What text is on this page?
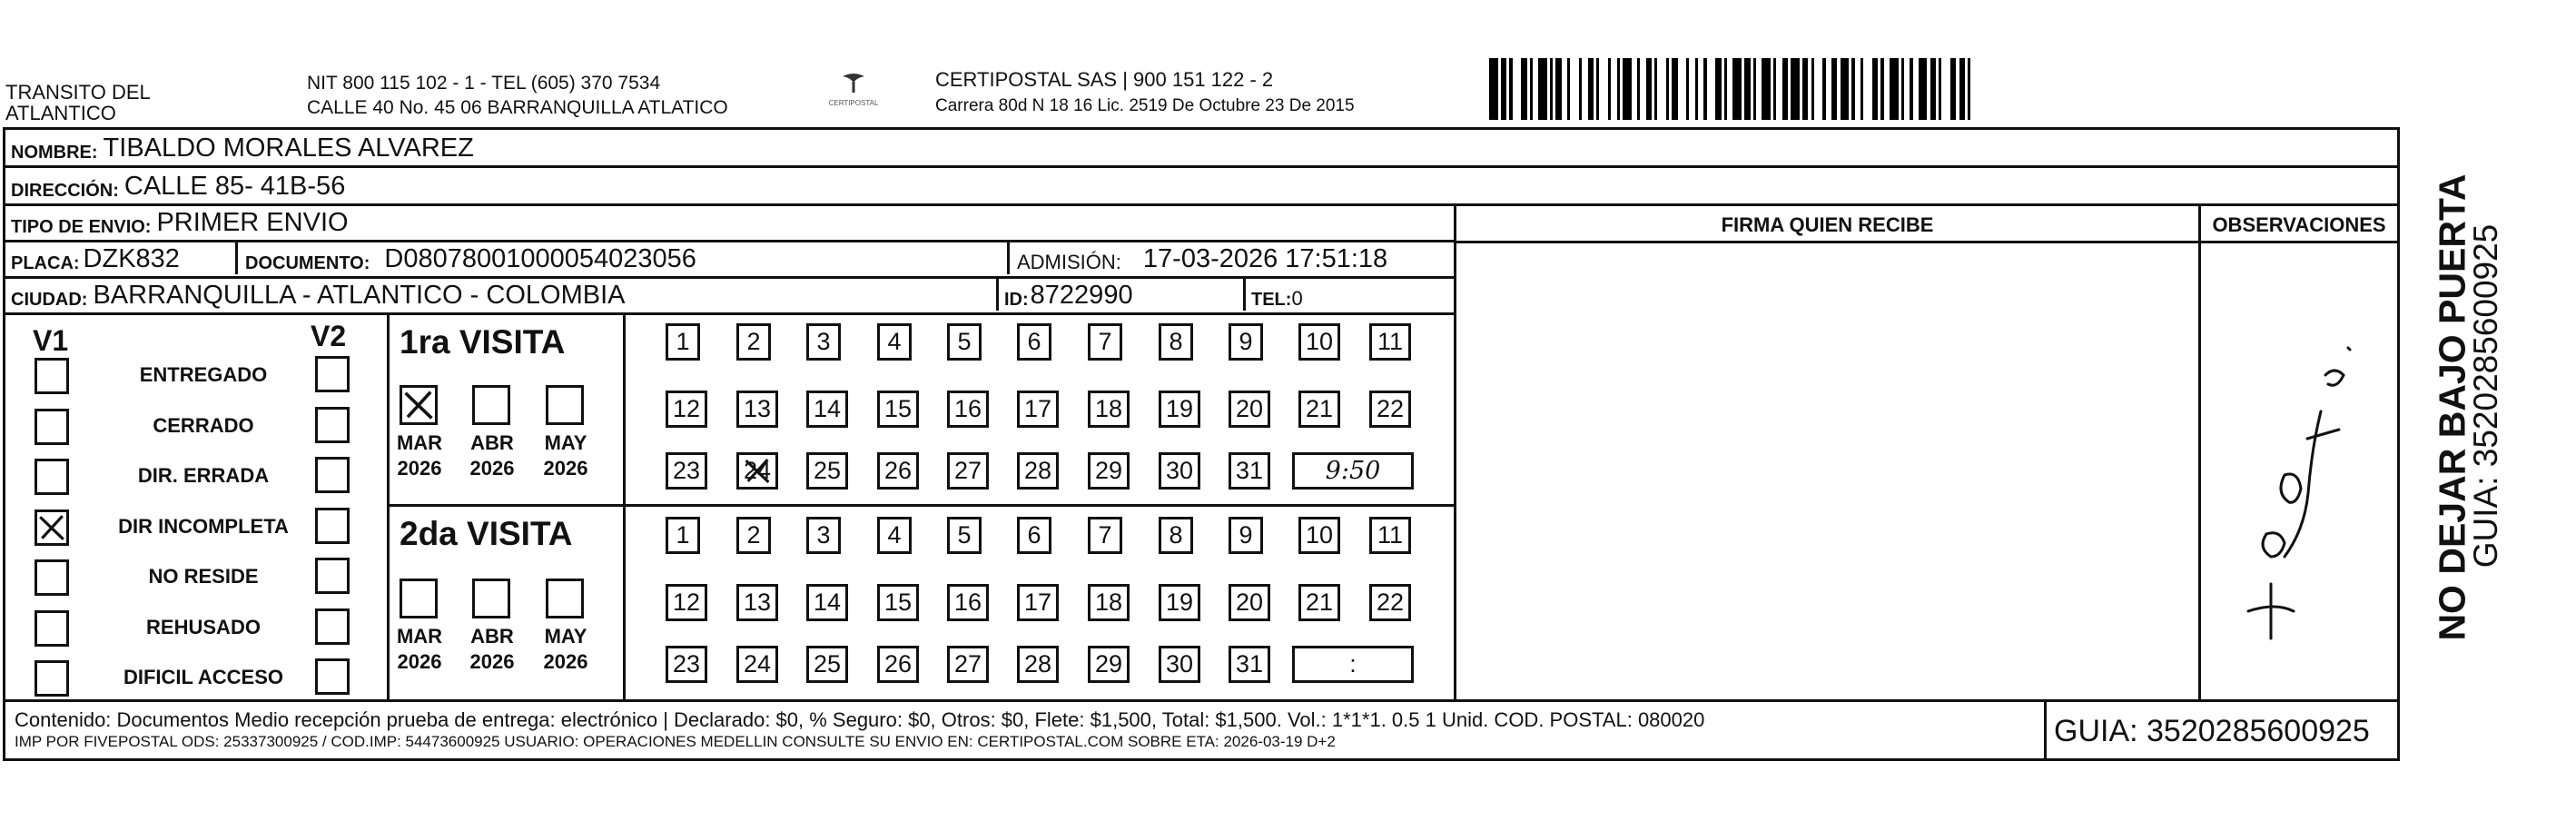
TRANSITO DEL ATLANTICO
NIT 800 115 102 - 1 - TEL (605) 370 7534
CALLE 40 No. 45 06 BARRANQUILLA ATLATICO	CERTIPOSTAL
CERTIPOSTAL SAS | 900 151 122 - 2
Carrera 80d N 18 16 Lic. 2519 De Octubre 23 De 2015
NOMBRE: TIBALDO MORALES ALVAREZ
DIRECCIÓN: CALLE 85- 41B-56
TIPO DE ENVIO: PRIMER ENVIO
PLACA: DZK832	DOCUMENTO: D08078001000054023056	ADMISIÓN: 17-03-2026 17:51:18
CIUDAD: BARRANQUILLA - ATLANTICO - COLOMBIA	ID: 8722990	TEL: 0
FIRMA QUIEN RECIBE	OBSERVACIONES
V1	V2
ENTREGADO
CERRADO
DIR. ERRADA
DIR INCOMPLETA
NO RESIDE
REHUSADO
DIFICIL ACCESO
1ra VISITA
MAR
2026
ABR
2026
MAY
2026
1	2	3	4	5	6	7	8	9	10	11
12 13 14 15 16 17 18 19 20 21 22
23 24 25 26 27 28 29 30 31	9:50
2da VISITA
MAR
2026
ABR
2026
MAY
2026
1	2	3	4	5	6	7	8	9	10	11
12 13 14 15 16 17 18 19 20 21 22
23 24 25 26 27 28 29 30 31	:
Contenido: Documentos Medio recepción prueba de entrega: electrónico | Declarado: $0, % Seguro: $0, Otros: $0, Flete: $1,500, Total: $1,500. Vol.: 1*1*1. 0.5 1 Unid. COD. POSTAL: 080020
IMP POR FIVEPOSTAL ODS: 25337300925 / COD.IMP: 54473600925 USUARIO: OPERACIONES MEDELLIN CONSULTE SU ENVIO EN: CERTIPOSTAL.COM SOBRE ETA: 2026-03-19 D+2	GUIA: 3520285600925
NO DEJAR BAJO PUERTA
GUIA: 3520285600925
